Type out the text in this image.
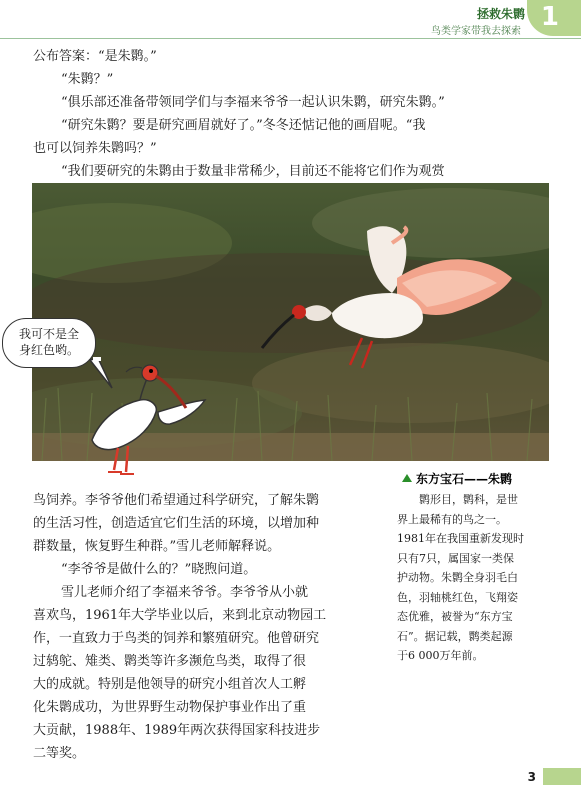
1
拯救朱鹮
鸟类学家带我去探索
公布答案：“是朱鹮。”
“朱鹮？”
“俱乐部还准备带领同学们与李福来爷爷一起认识朱鹮，研究朱鹮。”
“研究朱鹮？要是研究画眉就好了。”冬冬还惦记他的画眉呢。“我
也可以饲养朱鹮吗？”
“我们要研究的朱鹮由于数量非常稀少，目前还不能将它们作为观赏
我可不是全
身红色哟。
鸟饲养。李爷爷他们希望通过科学研究，了解朱鹮
的生活习性，创造适宜它们生活的环境，以增加种
群数量，恢复野生种群。”雪儿老师解释说。
“李爷爷是做什么的？”晓煦问道。
雪儿老师介绍了李福来爷爷。李爷爷从小就
喜欢鸟，1961年大学毕业以后，来到北京动物园工
作，一直致力于鸟类的饲养和繁殖研究。他曾研究
过鸫鸵、雉类、鹮类等许多濒危鸟类，取得了很
大的成就。特别是他领导的研究小组首次人工孵
化朱鹮成功，为世界野生动物保护事业作出了重
大贡献，1988年、1989年两次获得国家科技进步
二等奖。
东方宝石——朱鹮
鹮形目，鹮科，是世
界上最稀有的鸟之一。
1981年在我国重新发现时
只有7只，属国家一类保
护动物。朱鹮全身羽毛白
色，羽轴桃红色，飞翔姿
态优雅，被誉为“东方宝
石”。据记载，鹮类起源
于6 000万年前。
3
